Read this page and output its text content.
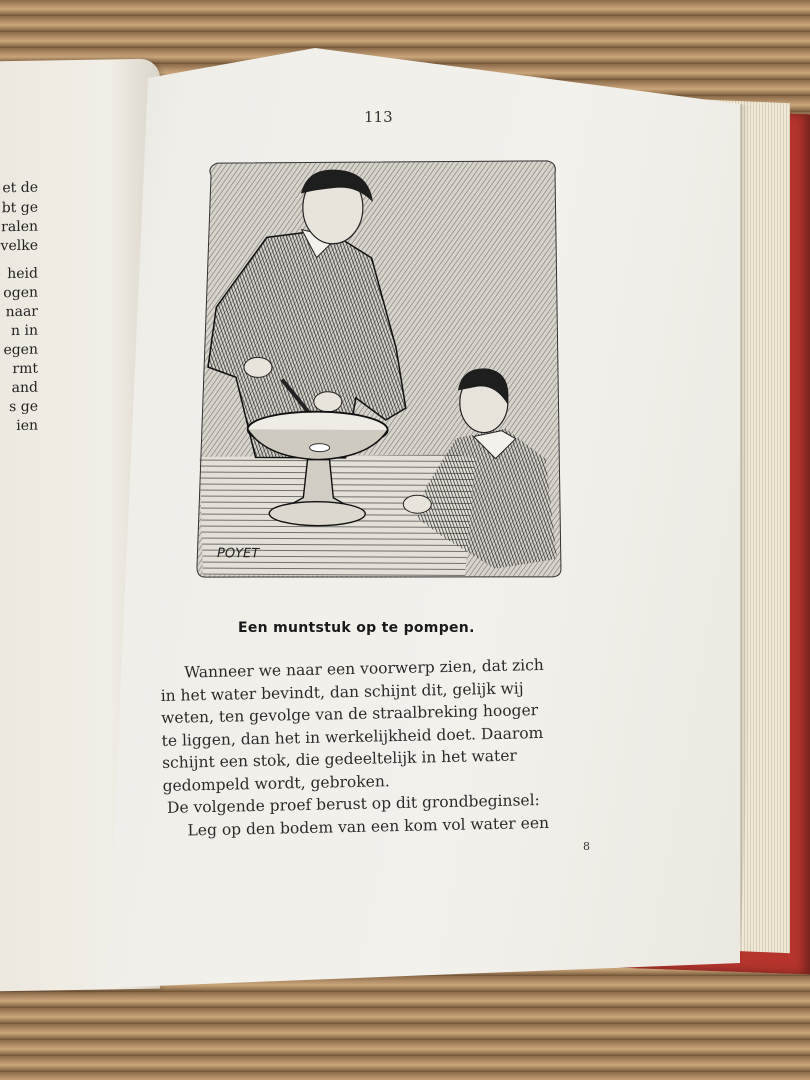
et de
bt ge
ralen
velke
heid
ogen
naar
n in
egen
rmt
and
s ge
ien
113
POYET
Een muntstuk op te pompen.
Wanneer we naar een voorwerp zien, dat zich
in het water bevindt, dan schijnt dit, gelijk wij
weten, ten gevolge van de straalbreking hooger
te liggen, dan het in werkelijkheid doet. Daarom
schijnt een stok, die gedeeltelijk in het water
gedompeld wordt, gebroken.
De volgende proef berust op dit grondbeginsel:
Leg op den bodem van een kom vol water een
8
